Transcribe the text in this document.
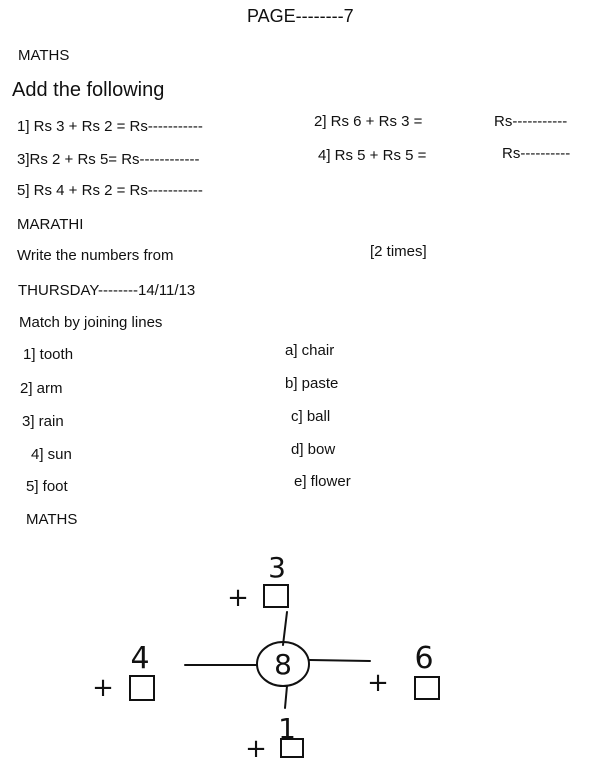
PAGE--------7
MATHS
Add the following
1] Rs 3 + Rs 2 = Rs-----------	2] Rs 6 + Rs 3 =	Rs-----------
3]Rs 2 + Rs 5= Rs------------	4] Rs 5 + Rs 5 =	Rs----------
5] Rs 4 + Rs 2 = Rs-----------
MARATHI
Write the numbers from	[2 times]
THURSDAY--------14/11/13
Match by joining lines
1] tooth
2] arm
3] rain
4] sun
5] foot
a] chair
b] paste
c] ball
d] bow
e] flower
MATHS
8
3
4	6
1
+
+	+
+
